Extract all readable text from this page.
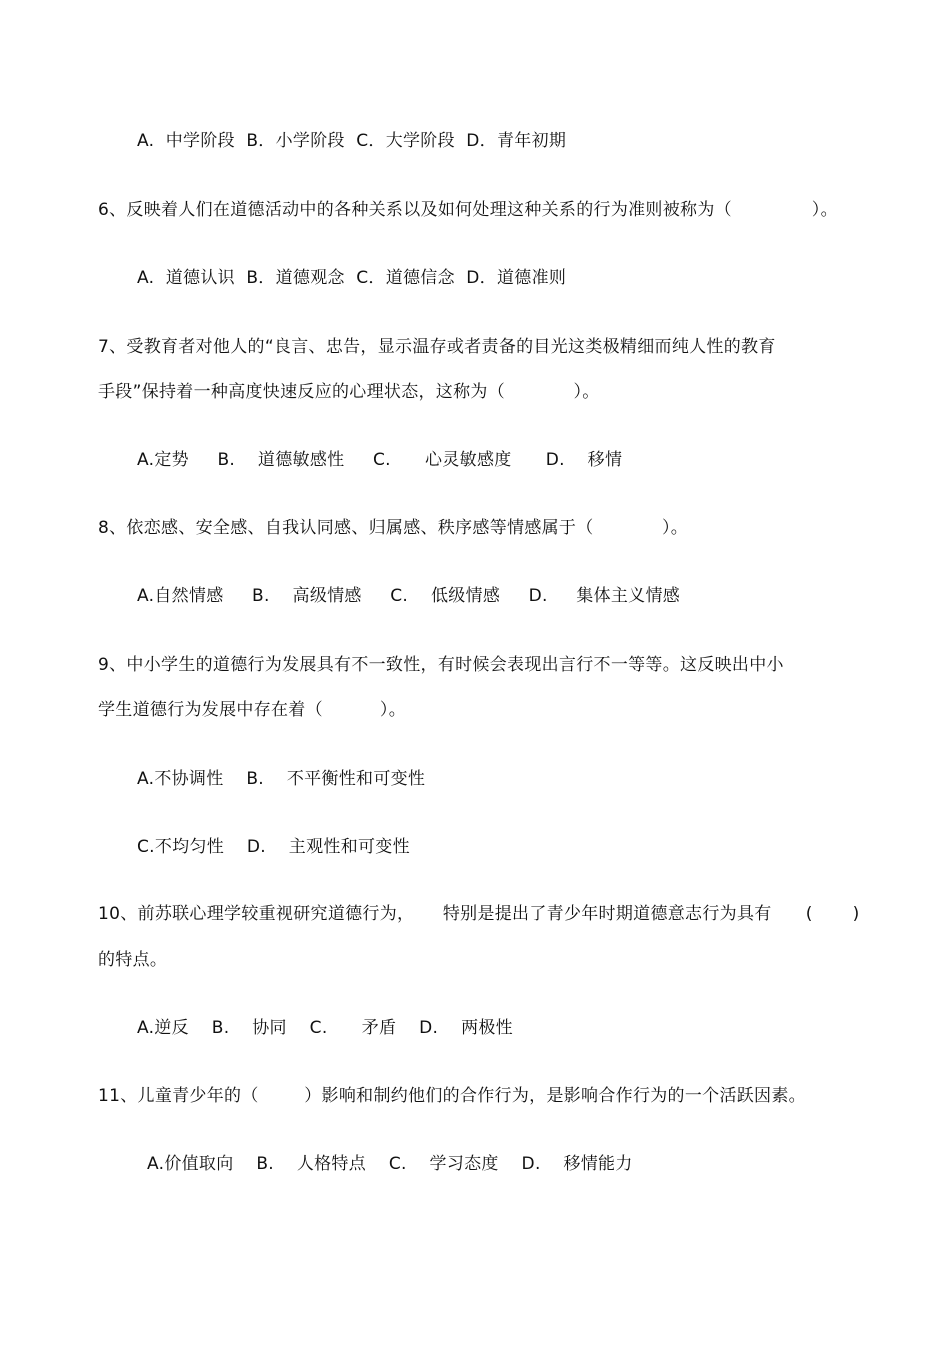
A.  中学阶段  B．小学阶段  C．大学阶段  D．青年初期
6、反映着人们在道德活动中的各种关系以及如何处理这种关系的行为准则被称为（              ）。
A.  道德认识  B．道德观念  C．道德信念  D．道德准则
7、受教育者对他人的“良言、忠告，显示温存或者责备的目光这类极精细而纯人性的教育
手段”保持着一种高度快速反应的心理状态，这称为（            ）。
A.定势     B.    道德敏感性     C.      心灵敏感度      D.    移情
8、依恋感、安全感、自我认同感、归属感、秩序感等情感属于（            ）。
A.自然情感     B.    高级情感     C.    低级情感     D.     集体主义情感
9、中小学生的道德行为发展具有不一致性，有时候会表现出言行不一等等。这反映出中小
学生道德行为发展中存在着（          ）。
A.不协调性    B.    不平衡性和可变性
C.不均匀性    D.    主观性和可变性
10、前苏联心理学较重视研究道德行为，     特别是提出了青少年时期道德意志行为具有      (       )
的特点。
A.逆反    B.    协同    C.      矛盾    D.    两极性
11、儿童青少年的（        ）影响和制约他们的合作行为，是影响合作行为的一个活跃因素。
A.价值取向    B.    人格特点    C.    学习态度    D.    移情能力
